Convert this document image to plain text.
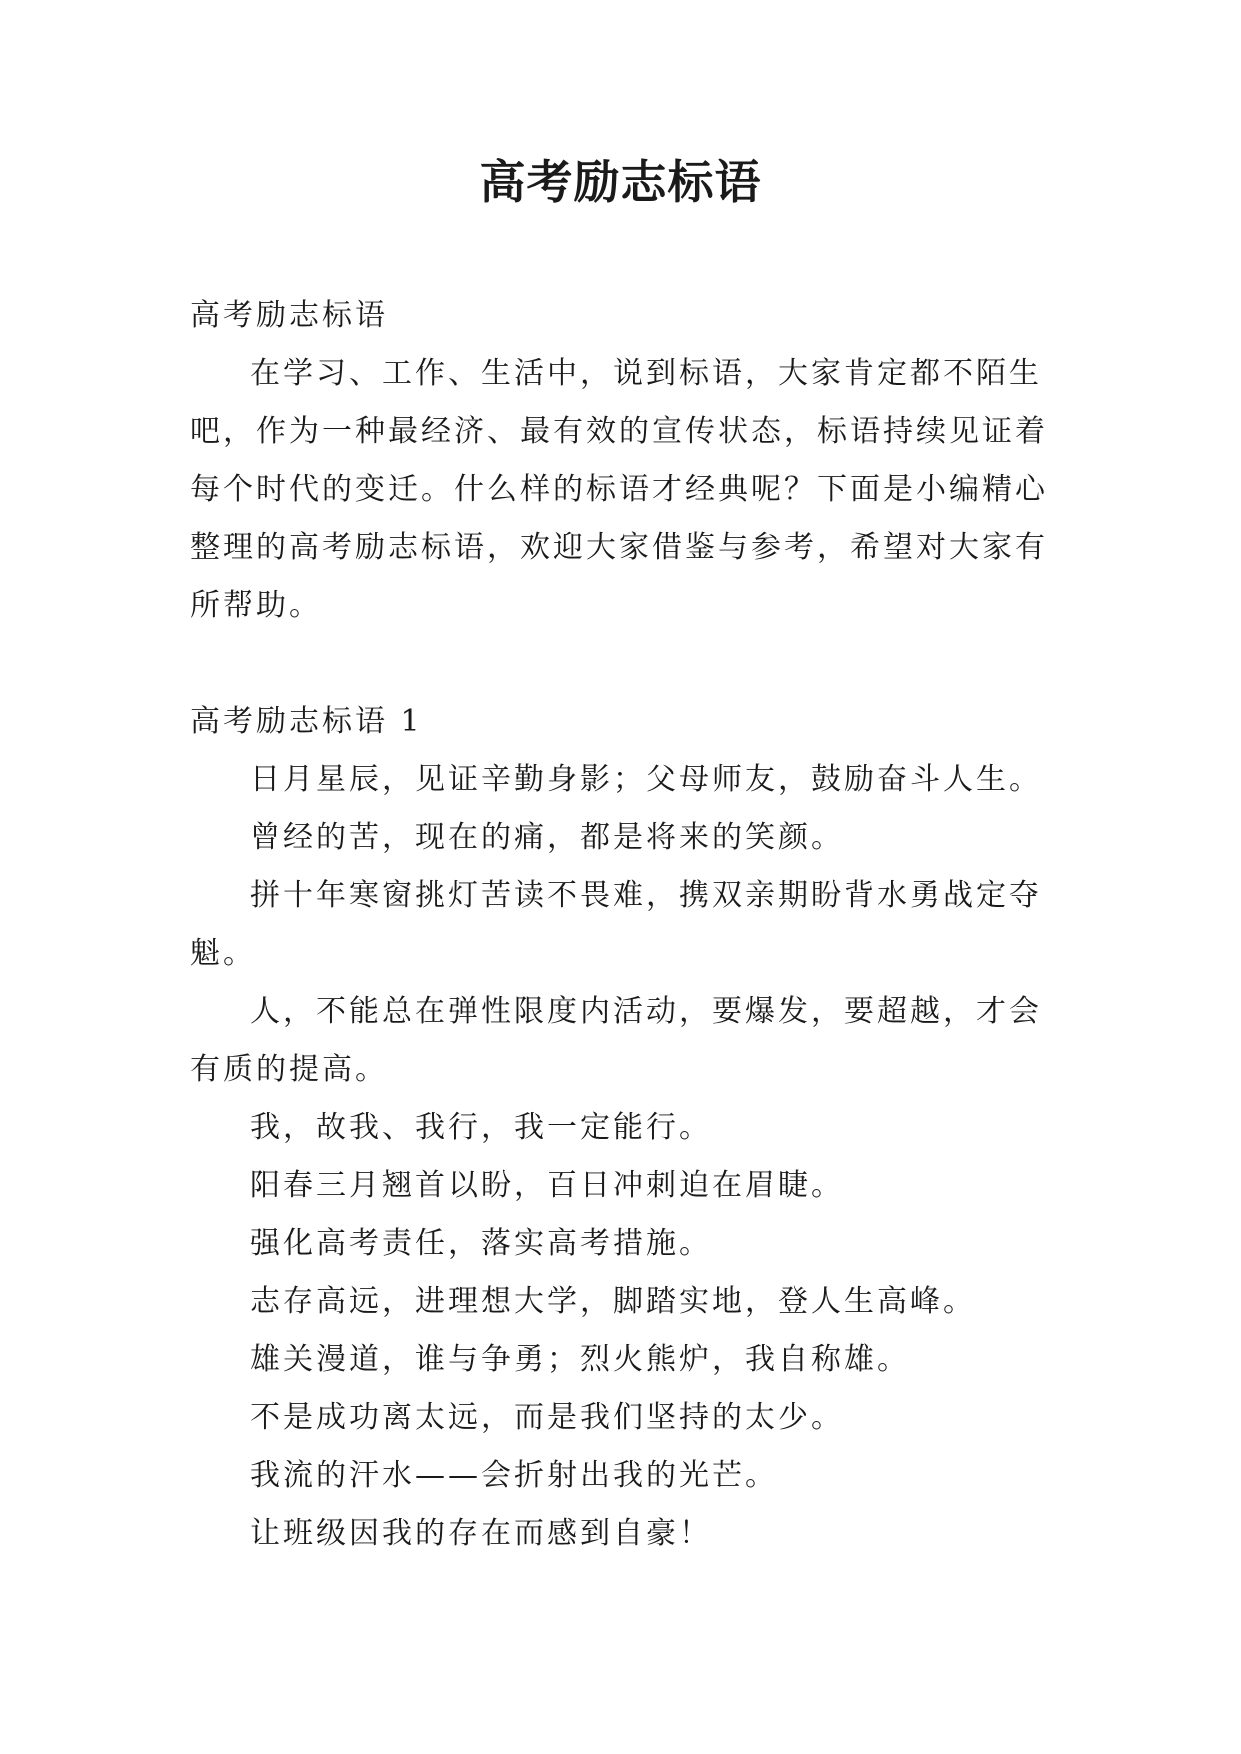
高考励志标语

高考励志标语

在学习、工作、生活中，说到标语，大家肯定都不陌生吧，作为一种最经济、最有效的宣传状态，标语持续见证着每个时代的变迁。什么样的标语才经典呢？下面是小编精心整理的高考励志标语，欢迎大家借鉴与参考，希望对大家有所帮助。

高考励志标语 1

日月星辰，见证辛勤身影；父母师友，鼓励奋斗人生。
曾经的苦，现在的痛，都是将来的笑颜。
拼十年寒窗挑灯苦读不畏难，携双亲期盼背水勇战定夺魁。
人，不能总在弹性限度内活动，要爆发，要超越，才会有质的提高。
我，故我、我行，我一定能行。
阳春三月翘首以盼，百日冲刺迫在眉睫。
强化高考责任，落实高考措施。
志存高远，进理想大学，脚踏实地，登人生高峰。
雄关漫道，谁与争勇；烈火熊炉，我自称雄。
不是成功离太远，而是我们坚持的太少。
我流的汗水——会折射出我的光芒。
让班级因我的存在而感到自豪！
